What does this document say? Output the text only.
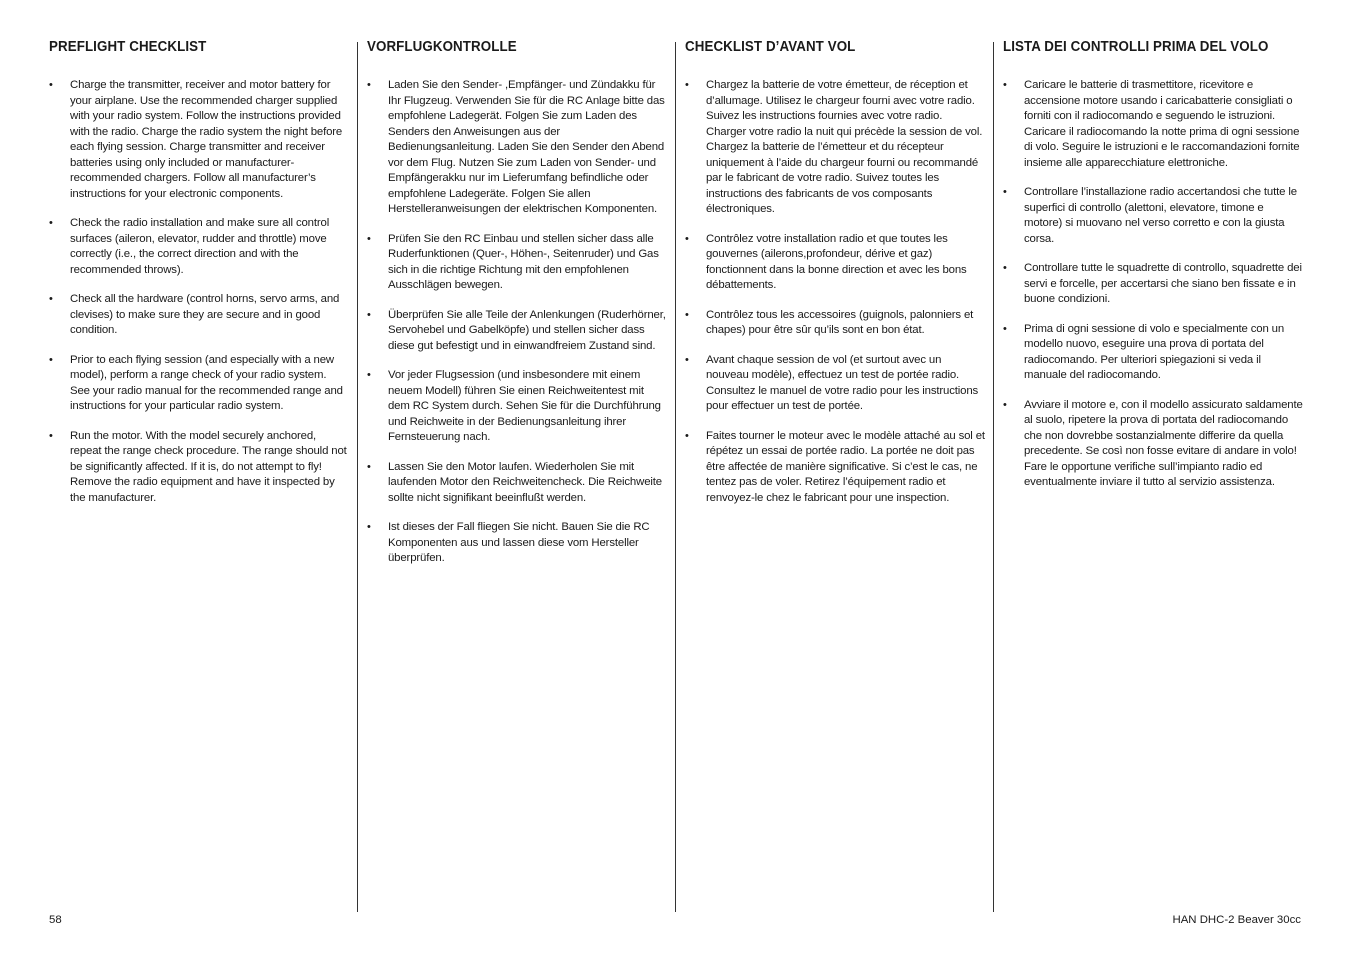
PREFLIGHT CHECKLIST
• Charge the transmitter, receiver and motor battery for your airplane. Use the recommended charger supplied with your radio system. Follow the instructions provided with the radio. Charge the radio system the night before each flying session. Charge transmitter and receiver batteries using only included or manufacturer-recommended chargers. Follow all manufacturer’s instructions for your electronic components.
• Check the radio installation and make sure all control surfaces (aileron, elevator, rudder and throttle) move correctly (i.e., the correct direction and with the recommended throws).
• Check all the hardware (control horns, servo arms, and clevises) to make sure they are secure and in good condition.
• Prior to each flying session (and especially with a new model), perform a range check of your radio system. See your radio manual for the recommended range and instructions for your particular radio system.
• Run the motor. With the model securely anchored, repeat the range check procedure. The range should not be significantly affected. If it is, do not attempt to fly! Remove the radio equipment and have it inspected by the manufacturer.
VORFLUGKONTROLLE
• Laden Sie den Sender- ,Empfänger- und Zündakku für Ihr Flugzeug. Verwenden Sie für die RC Anlage bitte das empfohlene Ladegerät. Folgen Sie zum Laden des Senders den Anweisungen aus der Bedienungsanleitung. Laden Sie den Sender den Abend vor dem Flug. Nutzen Sie zum Laden von Sender- und Empfängerakku nur im Lieferumfang befindliche oder empfohlene Ladegeräte. Folgen Sie allen Herstelleranweisungen der elektrischen Komponenten.
• Prüfen Sie den RC Einbau und stellen sicher dass alle Ruderfunktionen (Quer-, Höhen-, Seitenruder) und Gas sich in die richtige Richtung mit den empfohlenen Ausschlägen bewegen.
• Überprüfen Sie alle Teile der Anlenkungen (Ruderhörner, Servohebel und Gabelköpfe) und stellen sicher dass diese gut befestigt und in einwandfreiem Zustand sind.
• Vor jeder Flugsession (und insbesondere mit einem neuem Modell) führen Sie einen Reichweitentest mit dem RC System durch. Sehen Sie für die Durchführung und Reichweite in der Bedienungsanleitung ihrer Fernsteuerung nach.
• Lassen Sie den Motor laufen. Wiederholen Sie mit laufenden Motor den Reichweitencheck. Die Reichweite sollte nicht signifikant beeinflußt werden.
• Ist dieses der Fall fliegen Sie nicht. Bauen Sie die RC Komponenten aus und lassen diese vom Hersteller überprüfen.
CHECKLIST D’AVANT VOL
• Chargez la batterie de votre émetteur, de réception et d’allumage. Utilisez le chargeur fourni avec votre radio. Suivez les instructions fournies avec votre radio. Charger votre radio la nuit qui précède la session de vol. Chargez la batterie de l’émetteur et du récepteur uniquement à l’aide du chargeur fourni ou recommandé par le fabricant de votre radio. Suivez toutes les instructions des fabricants de vos composants électroniques.
• Contrôlez votre installation radio et que toutes les gouvernes (ailerons,profondeur, dérive et gaz) fonctionnent dans la bonne direction et avec les bons débattements.
• Contrôlez tous les accessoires (guignols, palonniers et chapes) pour être sûr qu’ils sont en bon état.
• Avant chaque session de vol (et surtout avec un nouveau modèle), effectuez un test de portée radio. Consultez le manuel de votre radio pour les instructions pour effectuer un test de portée.
• Faites tourner le moteur avec le modèle attaché au sol et répétez un essai de portée radio. La portée ne doit pas être affectée de manière significative. Si c’est le cas, ne tentez pas de voler. Retirez l’équipement radio et renvoyez-le chez le fabricant pour une inspection.
LISTA DEI CONTROLLI PRIMA DEL VOLO
• Caricare le batterie di trasmettitore, ricevitore e accensione motore usando i caricabatterie consigliati o forniti con il radiocomando e seguendo le istruzioni. Caricare il radiocomando la notte prima di ogni sessione di volo. Seguire le istruzioni e le raccomandazioni fornite insieme alle apparecchiature elettroniche.
• Controllare l’installazione radio accertandosi che tutte le superfici di controllo (alettoni, elevatore, timone e motore) si muovano nel verso corretto e con la giusta corsa.
• Controllare tutte le squadrette di controllo, squadrette dei servi e forcelle, per accertarsi che siano ben fissate e in buone condizioni.
• Prima di ogni sessione di volo e specialmente con un modello nuovo, eseguire una prova di portata del radiocomando. Per ulteriori spiegazioni si veda il manuale del radiocomando.
• Avviare il motore e, con il modello assicurato saldamente al suolo, ripetere la prova di portata del radiocomando che non dovrebbe sostanzialmente differire da quella precedente. Se così non fosse evitare di andare in volo! Fare le opportune verifiche sull’impianto radio ed eventualmente inviare il tutto al servizio assistenza.
58	HAN DHC-2 Beaver 30cc
